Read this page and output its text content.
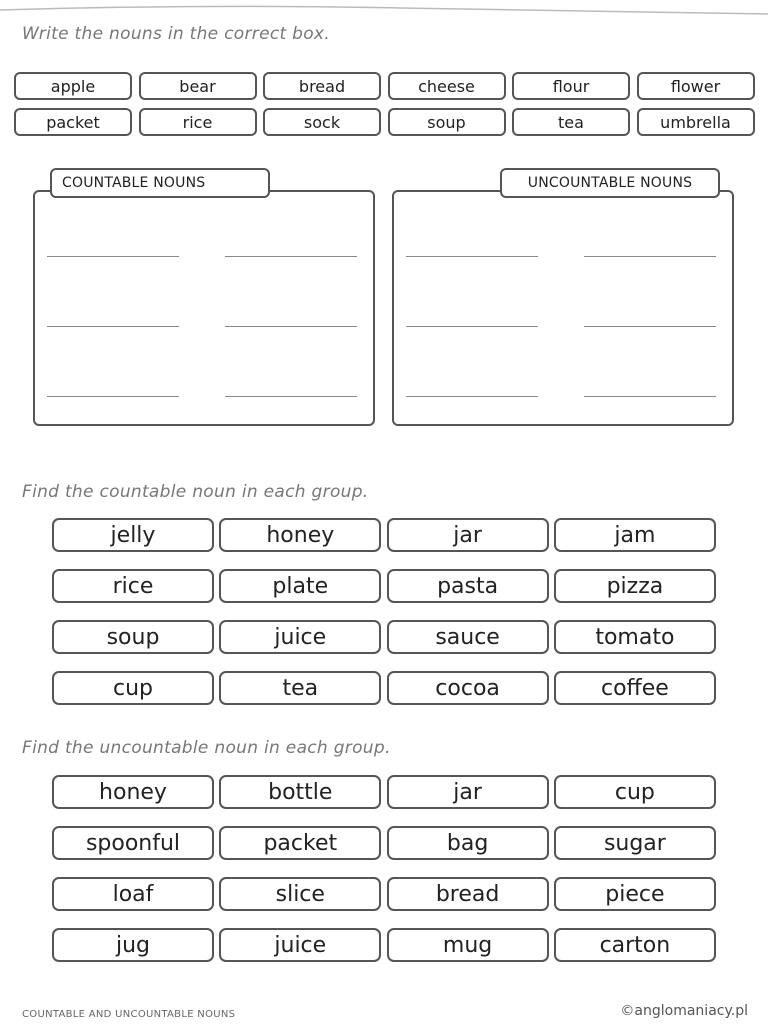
Write the nouns in the correct box.
apple	bear	bread	cheese	flour	flower
packet	rice	sock	soup	tea	umbrella
COUNTABLE NOUNS	UNCOUNTABLE NOUNS
Find the countable noun in each group.
jelly	honey	jar	jam
rice	plate	pasta	pizza
soup	juice	sauce	tomato
cup	tea	cocoa	coffee
Find the uncountable noun in each group.
honey	bottle	jar	cup
spoonful	packet	bag	sugar
loaf	slice	bread	piece
jug	juice	mug	carton
COUNTABLE AND UNCOUNTABLE NOUNS	©anglomaniacy.pl
